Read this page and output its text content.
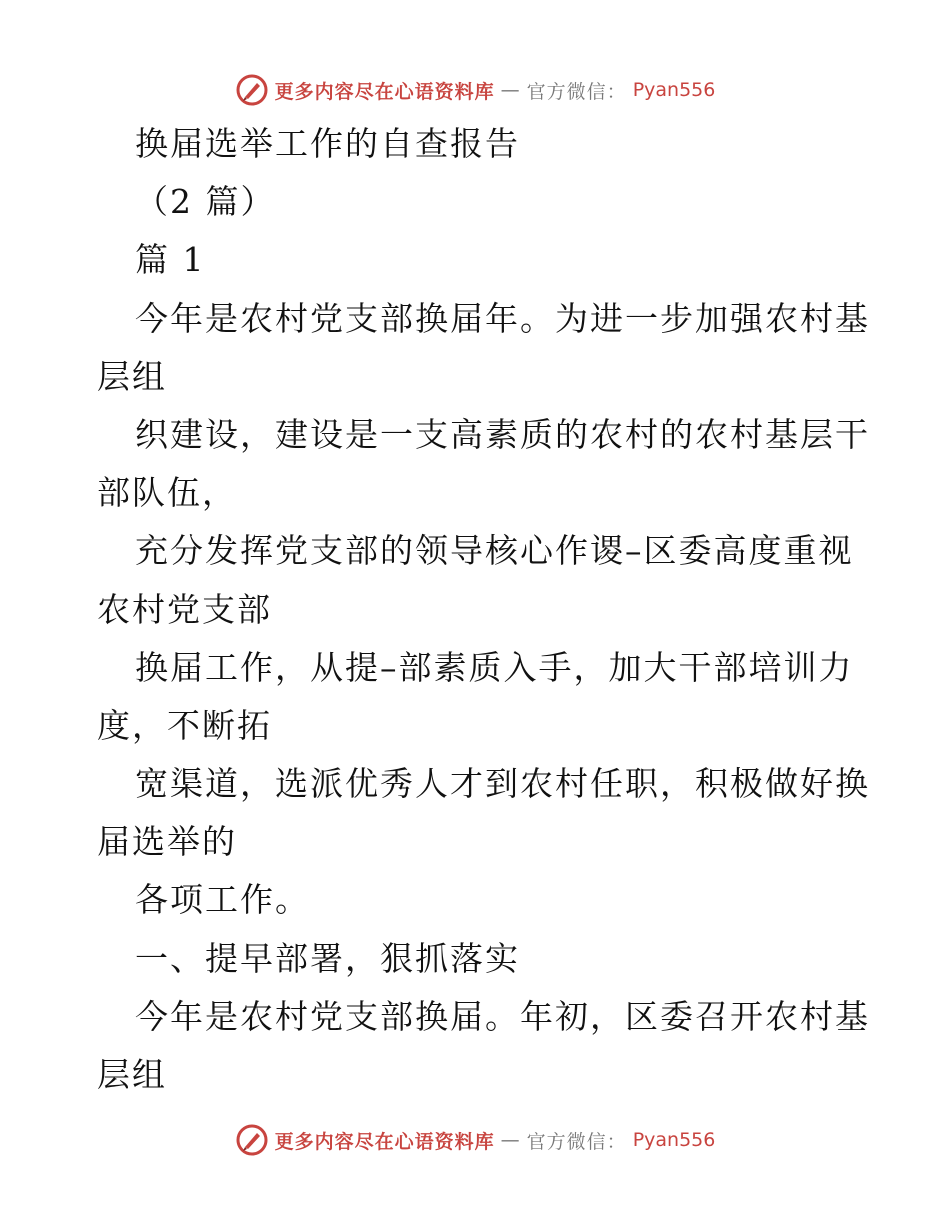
更多内容尽在心语资料库 — 官方微信： Pyan556
换届选举工作的自查报告
（2 篇）
篇 1
今年是农村党支部换届年。为进一步加强农村基
层组
织建设，建设是一支高素质的农村的农村基层干
部队伍，
充分发挥党支部的领导核心作谡–区委高度重视
农村党支部
换届工作，从提–部素质入手，加大干部培训力
度，不断拓
宽渠道，选派优秀人才到农村任职，积极做好换
届选举的
各项工作。
一、提早部署，狠抓落实
今年是农村党支部换届。年初，区委召开农村基
层组
更多内容尽在心语资料库 — 官方微信： Pyan556
